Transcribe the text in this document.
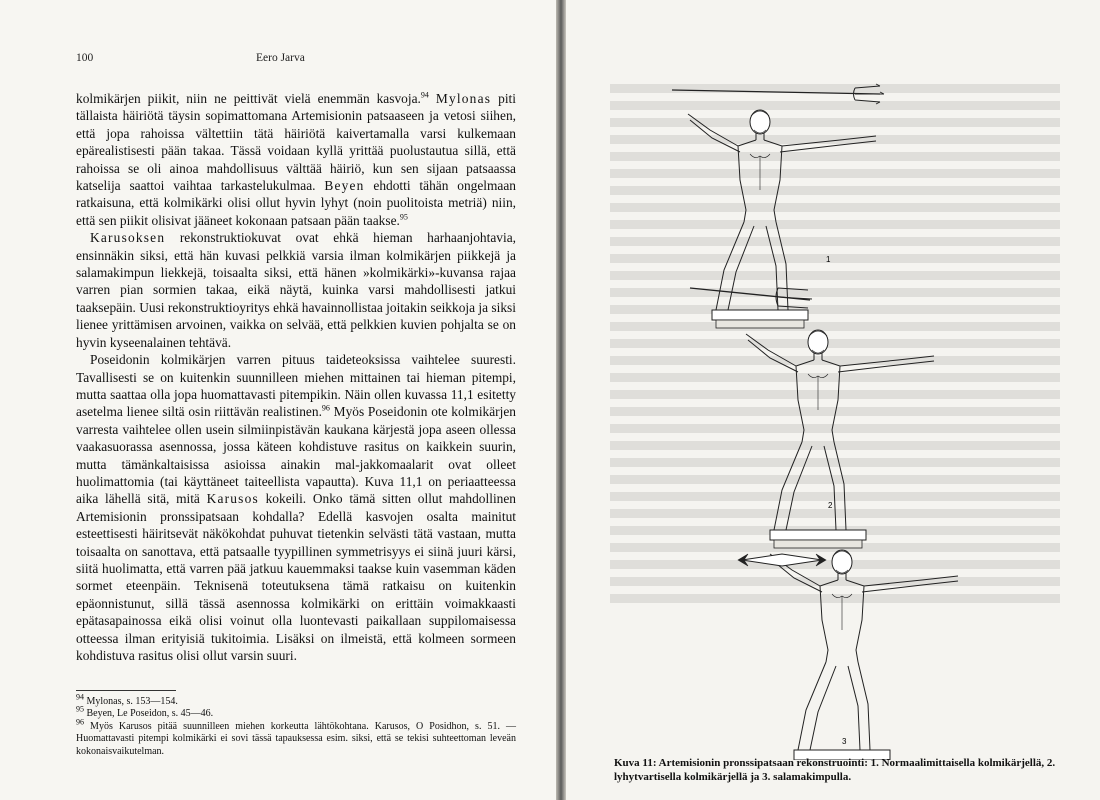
100	Eero Jarva

kolmikärjen piikit, niin ne peittivät vielä enemmän kasvoja.$^{94}$ Mylonas piti tällaista häiriötä täysin sopimattomana Artemisionin patsaaseen ja vetosi siihen, että jopa rahoissa vältettiin tätä häiriötä kaivertamalla varsi kulkemaan epärealistisesti pään takaa. Tässä voidaan kyllä yrittää puolustautua sillä, että rahoissa se oli ainoa mahdollisuus välttää häiriö, kun sen sijaan patsaassa katselija saattoi vaihtaa tarkastelukulmaa. Beyen ehdotti tähän ongelmaan ratkaisuna, että kolmikärki olisi ollut hyvin lyhyt (noin puolitoista metriä) niin, että sen piikit olisivat jääneet kokonaan patsaan pään taakse.$^{95}$

Karusoksen rekonstruktiokuvat ovat ehkä hieman harhaanjohtavia, ensinnäkin siksi, että hän kuvasi pelkkiä varsia ilman kolmikärjen piikkejä ja salamakimpun liekkejä, toisaalta siksi, että hänen »kolmikärki»-kuvansa rajaa varren pian sormien takaa, eikä näytä, kuinka varsi mahdollisesti jatkui taaksepäin. Uusi rekonstruktioyritys ehkä havainnollistaa joitakin seikkoja ja siksi lienee yrittämisen arvoinen, vaikka on selvää, että pelkkien kuvien pohjalta se on hyvin kyseenalainen tehtävä.

Poseidonin kolmikärjen varren pituus taideteoksissa vaihtelee suuresti. Tavallisesti se on kuitenkin suunnilleen miehen mittainen tai hieman pitempi, mutta saattaa olla jopa huomattavasti pitempikin. Näin ollen kuvassa 11,1 esitetty asetelma lienee siltä osin riittävän realistinen.$^{96}$ Myös Poseidonin ote kolmikärjen varresta vaihtelee ollen usein silmiinpistävän kaukana kärjestä jopa aseen ollessa vaakasuorassa asennossa, jossa käteen kohdistuve rasitus on kaikkein suurin, mutta tämänkaltaisissa asioissa ainakin mal-jakkomaalarit ovat olleet huolimattomia (tai käyttäneet taiteellista vapautta). Kuva 11,1 on periaatteessa aika lähellä sitä, mitä Karusos kokeili. Onko tämä sitten ollut mahdollinen Artemisionin pronssipatsaan kohdalla? Edellä kasvojen osalta mainitut esteettisesti häiritsevät näkökohdat puhuvat tietenkin selvästi tätä vastaan, mutta toisaalta on sanottava, että patsaalle tyypillinen symmetrisyys ei siinä juuri kärsi, siitä huolimatta, että varren pää jatkuu kauemmaksi taakse kuin vasemman käden sormet eteenpäin. Teknisenä toteutuksena tämä ratkaisu on kuitenkin epäonnistunut, sillä tässä asennossa kolmikärki on erittäin voimakkaasti epätasapainossa eikä olisi voinut olla luontevasti paikallaan suppilomaisessa otteessa ilman erityisiä tukitoimia. Lisäksi on ilmeistä, että kolmeen sormeen kohdistuva rasitus olisi ollut varsin suuri.

$^{94}$ Mylonas, s. 153—154.

$^{95}$ Beyen, Le Poseidon, s. 45—46.

$^{96}$ Myös Karusos pitää suunnilleen miehen korkeutta lähtökohtana. Karusos, O Posidhon, s. 51. — Huomattavasti pitempi kolmikärki ei sovi tässä tapauksessa esim. siksi, että se tekisi suhteettoman leveän kokonaisvaikutelman.

1
2
3
Kuva 11: Artemisionin pronssipatsaan rekonstruointi: 1. Normaalimittaisella kolmikärjellä, 2. lyhytvartisella kolmikärjellä ja 3. salamakimpulla.
